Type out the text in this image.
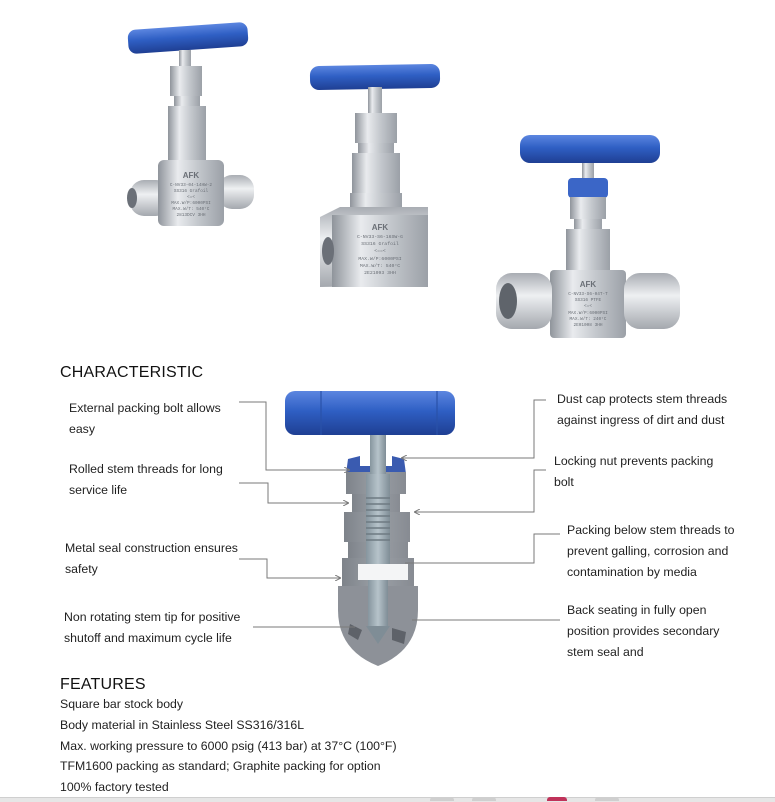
AFK
C-NV33-04-14HW-2
SS316 Grafoil
<=<
MAX.W/P:6000PSI
MAX.W/T: 540°C
2813DCV 3HH
AFK
C-NV33-S6-16SW-G
SS316 Grafoil
<==<
MAX.W/P:6000PSI
MAX.W/T: 540°C
2E21093 3HH
AFK
C-NV33-S6-04T-T
SS316 PTFE
<=<
MAX.W/P:6000PSI
MAX.W/T: 240°C
2E01008 3HH
CHARACTERISTIC
External packing bolt allows
easy
Rolled stem threads for long
service life
Metal seal construction ensures
safety
Non rotating stem tip for positive
shutoff and maximum cycle life
Dust cap protects stem threads
against ingress of dirt and dust
Locking nut prevents packing
bolt
Packing below stem threads to
prevent galling, corrosion and
contamination by media
Back seating in fully open
position provides secondary
stem seal and
FEATURES
Square bar stock body
Body material in Stainless Steel SS316/316L
Max. working pressure to 6000 psig (413 bar) at 37°C (100°F)
TFM1600 packing as standard; Graphite packing for option
100% factory tested
